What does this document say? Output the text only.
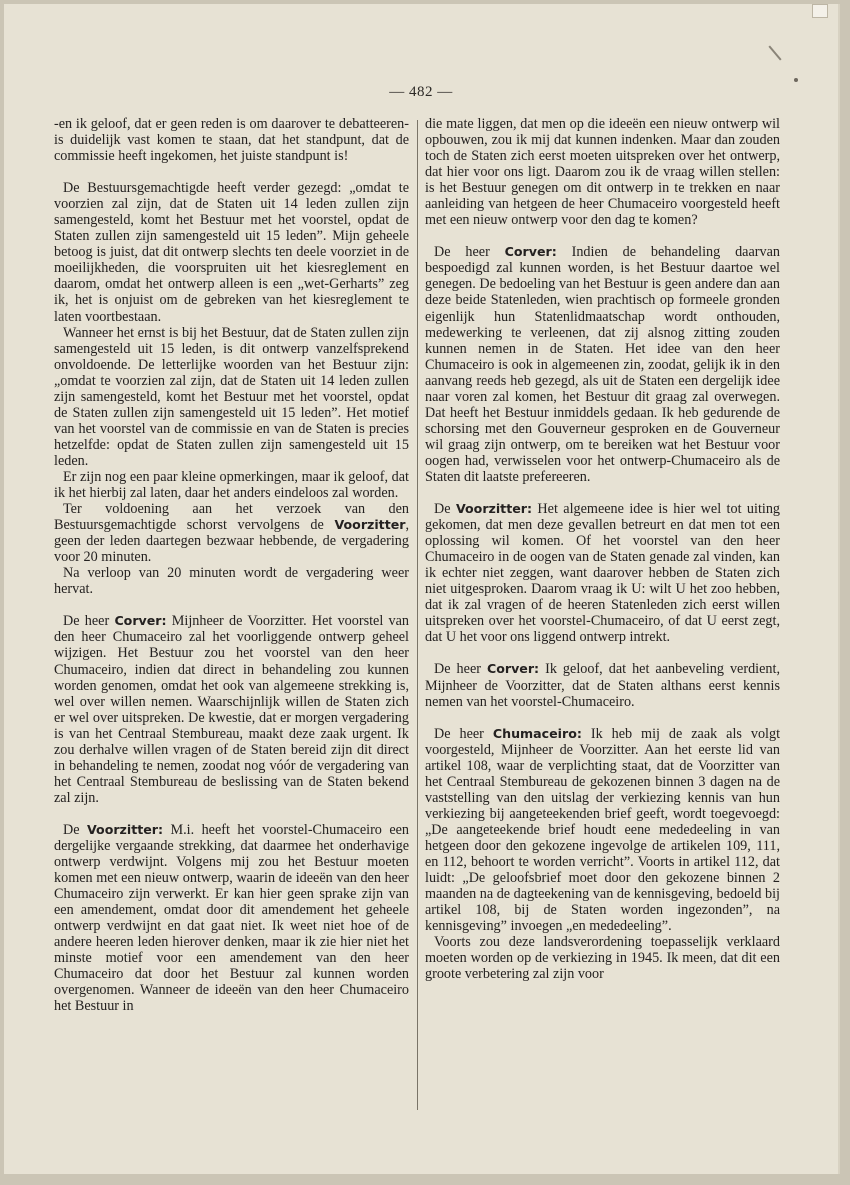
— 482 —

-en ik geloof, dat er geen reden is om daarover te debatteeren- is duidelijk vast komen te staan, dat het standpunt, dat de commissie heeft ingekomen, het juiste standpunt is!

De Bestuursgemachtigde heeft verder gezegd: „omdat te voorzien zal zijn, dat de Staten uit 14 leden zullen zijn samengesteld, komt het Bestuur met het voorstel, opdat de Staten zullen zijn samengesteld uit 15 leden”. Mijn geheele betoog is juist, dat dit ontwerp slechts ten deele voorziet in de moeilijkheden, die voorspruiten uit het kiesreglement en daarom, omdat het ontwerp alleen is een „wet-Gerharts” zeg ik, het is onjuist om de gebreken van het kiesreglement te laten voortbestaan.

Wanneer het ernst is bij het Bestuur, dat de Staten zullen zijn samengesteld uit 15 leden, is dit ontwerp vanzelfsprekend onvoldoende. De letterlijke woorden van het Bestuur zijn: „omdat te voorzien zal zijn, dat de Staten uit 14 leden zullen zijn samengesteld, komt het Bestuur met het voorstel, opdat de Staten zullen zijn samengesteld uit 15 leden”. Het motief van het voorstel van de commissie en van de Staten is precies hetzelfde: opdat de Staten zullen zijn samengesteld uit 15 leden.

Er zijn nog een paar kleine opmerkingen, maar ik geloof, dat ik het hierbij zal laten, daar het anders eindeloos zal worden.

Ter voldoening aan het verzoek van den Bestuursgemachtigde schorst vervolgens de Voorzitter, geen der leden daartegen bezwaar hebbende, de vergadering voor 20 minuten.

Na verloop van 20 minuten wordt de vergadering weer hervat.

De heer Corver: Mijnheer de Voorzitter. Het voorstel van den heer Chumaceiro zal het voorliggende ontwerp geheel wijzigen. Het Bestuur zou het voorstel van den heer Chumaceiro, indien dat direct in behandeling zou kunnen worden genomen, omdat het ook van algemeene strekking is, wel over willen nemen. Waarschijnlijk willen de Staten zich er wel over uitspreken. De kwestie, dat er morgen vergadering is van het Centraal Stembureau, maakt deze zaak urgent. Ik zou derhalve willen vragen of de Staten bereid zijn dit direct in behandeling te nemen, zoodat nog vóór de vergadering van het Centraal Stembureau de beslissing van de Staten bekend zal zijn.

De Voorzitter: M.i. heeft het voorstel-Chumaceiro een dergelijke vergaande strekking, dat daarmee het onderhavige ontwerp verdwijnt. Volgens mij zou het Bestuur moeten komen met een nieuw ontwerp, waarin de ideeën van den heer Chumaceiro zijn verwerkt. Er kan hier geen sprake zijn van een amendement, omdat door dit amendement het geheele ontwerp verdwijnt en dat gaat niet. Ik weet niet hoe of de andere heeren leden hierover denken, maar ik zie hier niet het minste motief voor een amendement van den heer Chumaceiro dat door het Bestuur zal kunnen worden overgenomen. Wanneer de ideeën van den heer Chumaceiro het Bestuur in

die mate liggen, dat men op die ideeën een nieuw ontwerp wil opbouwen, zou ik mij dat kunnen indenken. Maar dan zouden toch de Staten zich eerst moeten uitspreken over het ontwerp, dat hier voor ons ligt. Daarom zou ik de vraag willen stellen: is het Bestuur genegen om dit ontwerp in te trekken en naar aanleiding van hetgeen de heer Chumaceiro voorgesteld heeft met een nieuw ontwerp voor den dag te komen?

De heer Corver: Indien de behandeling daarvan bespoedigd zal kunnen worden, is het Bestuur daartoe wel genegen. De bedoeling van het Bestuur is geen andere dan aan deze beide Statenleden, wien prachtisch op formeele gronden eigenlijk hun Statenlidmaatschap wordt onthouden, medewerking te verleenen, dat zij alsnog zitting zouden kunnen nemen in de Staten. Het idee van den heer Chumaceiro is ook in algemeenen zin, zoodat, gelijk ik in den aanvang reeds heb gezegd, als uit de Staten een dergelijk idee naar voren zal komen, het Bestuur dit graag zal overwegen. Dat heeft het Bestuur inmiddels gedaan. Ik heb gedurende de schorsing met den Gouverneur gesproken en de Gouverneur wil graag zijn ontwerp, om te bereiken wat het Bestuur voor oogen had, verwisselen voor het ontwerp-Chumaceiro als de Staten dit laatste prefereeren.

De Voorzitter: Het algemeene idee is hier wel tot uiting gekomen, dat men deze gevallen betreurt en dat men tot een oplossing wil komen. Of het voorstel van den heer Chumaceiro in de oogen van de Staten genade zal vinden, kan ik echter niet zeggen, want daarover hebben de Staten zich niet uitgesproken. Daarom vraag ik U: wilt U het zoo hebben, dat ik zal vragen of de heeren Statenleden zich eerst willen uitspreken over het voorstel-Chumaceiro, of dat U eerst zegt, dat U het voor ons liggend ontwerp intrekt.

De heer Corver: Ik geloof, dat het aanbeveling verdient, Mijnheer de Voorzitter, dat de Staten althans eerst kennis nemen van het voorstel-Chumaceiro.

De heer Chumaceiro: Ik heb mij de zaak als volgt voorgesteld, Mijnheer de Voorzitter. Aan het eerste lid van artikel 108, waar de verplichting staat, dat de Voorzitter van het Centraal Stembureau de gekozenen binnen 3 dagen na de vaststelling van den uitslag der verkiezing kennis van hun verkiezing bij aangeteekenden brief geeft, wordt toegevoegd: „De aangeteekende brief houdt eene mededeeling in van hetgeen door den gekozene ingevolge de artikelen 109, 111, en 112, behoort te worden verricht”. Voorts in artikel 112, dat luidt: „De geloofsbrief moet door den gekozene binnen 2 maanden na de dagteekening van de kennisgeving, bedoeld bij artikel 108, bij de Staten worden ingezonden”, na kennisgeving” invoegen „en mededeeling”.

Voorts zou deze landsverordening toepasselijk verklaard moeten worden op de verkiezing in 1945. Ik meen, dat dit een groote verbetering zal zijn voor
